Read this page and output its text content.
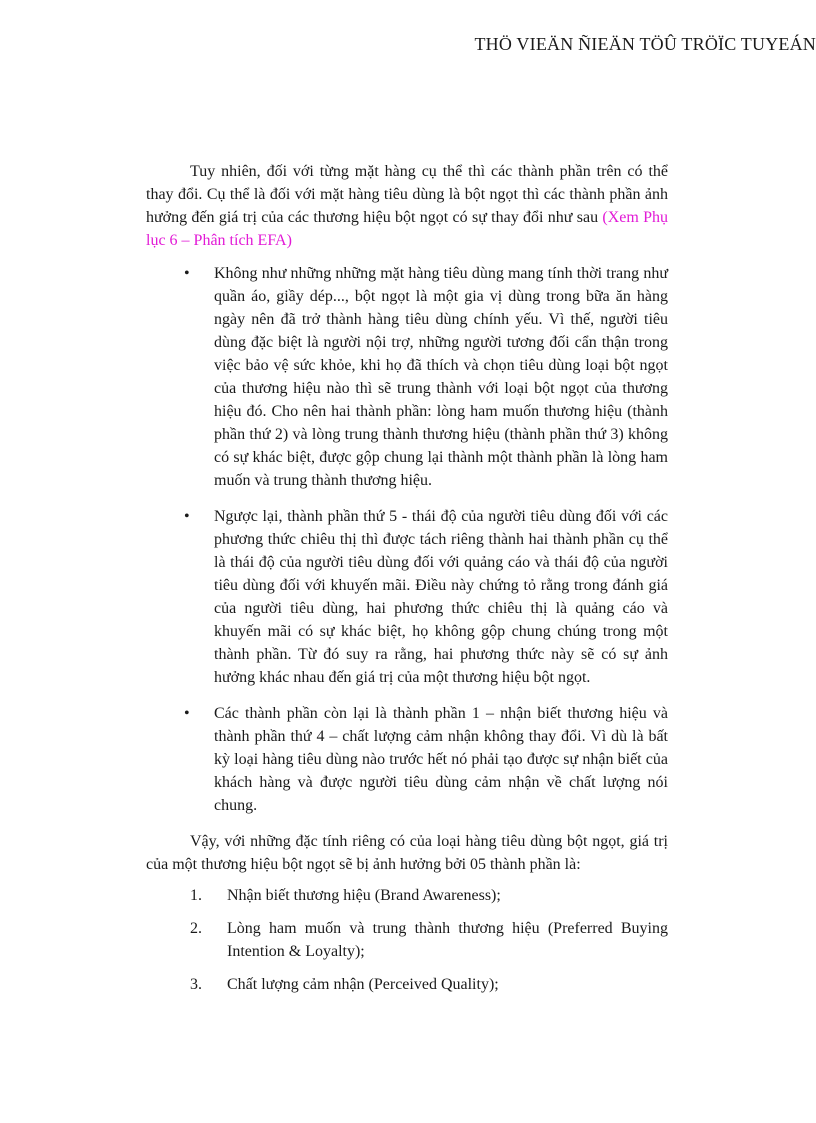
THÖ VIEÄN ÑIEÄN TÖÛ TRÖÏC TUYEÁN

Tuy nhiên, đối với từng mặt hàng cụ thể thì các thành phần trên có thể thay đổi. Cụ thể là đối với mặt hàng tiêu dùng là bột ngọt thì các thành phần ảnh hưởng đến giá trị của các thương hiệu bột ngọt có sự thay đổi như sau (Xem Phụ lục 6 – Phân tích EFA)

• Không như những những mặt hàng tiêu dùng mang tính thời trang như quần áo, giầy dép..., bột ngọt là một gia vị dùng trong bữa ăn hàng ngày nên đã trở thành hàng tiêu dùng chính yếu. Vì thế, người tiêu dùng đặc biệt là người nội trợ, những người tương đối cẩn thận trong việc bảo vệ sức khỏe, khi họ đã thích và chọn tiêu dùng loại bột ngọt của thương hiệu nào thì sẽ trung thành với loại bột ngọt của thương hiệu đó. Cho nên hai thành phần: lòng ham muốn thương hiệu (thành phần thứ 2) và lòng trung thành thương hiệu (thành phần thứ 3) không có sự khác biệt, được gộp chung lại thành một thành phần là lòng ham muốn và trung thành thương hiệu.
• Ngược lại, thành phần thứ 5 - thái độ của người tiêu dùng đối với các phương thức chiêu thị thì được tách riêng thành hai thành phần cụ thể là thái độ của người tiêu dùng đối với quảng cáo và thái độ của người tiêu dùng đối với khuyến mãi. Điều này chứng tỏ rằng trong đánh giá của người tiêu dùng, hai phương thức chiêu thị là quảng cáo và khuyến mãi có sự khác biệt, họ không gộp chung chúng trong một thành phần. Từ đó suy ra rằng, hai phương thức này sẽ có sự ảnh hưởng khác nhau đến giá trị của một thương hiệu bột ngọt.
• Các thành phần còn lại là thành phần 1 – nhận biết thương hiệu và thành phần thứ 4 – chất lượng cảm nhận không thay đổi. Vì dù là bất kỳ loại hàng tiêu dùng nào trước hết nó phải tạo được sự nhận biết của khách hàng và được người tiêu dùng cảm nhận về chất lượng nói chung.

Vậy, với những đặc tính riêng có của loại hàng tiêu dùng bột ngọt, giá trị của một thương hiệu bột ngọt sẽ bị ảnh hưởng bởi 05 thành phần là:

1. Nhận biết thương hiệu (Brand Awareness);
2. Lòng ham muốn và trung thành thương hiệu (Preferred Buying Intention & Loyalty);
3. Chất lượng cảm nhận (Perceived Quality);
